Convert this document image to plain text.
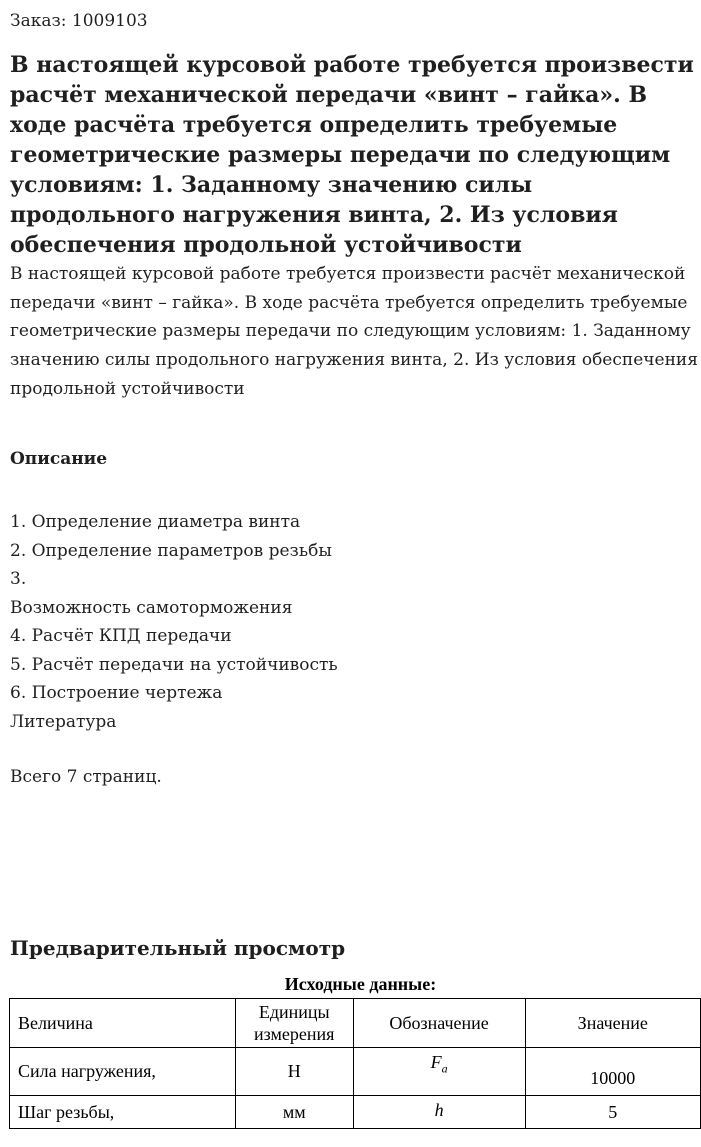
Заказ: 1009103
В настоящей курсовой работе требуется произвести расчёт механической передачи «винт – гайка». В ходе расчёта требуется определить требуемые геометрические размеры передачи по следующим условиям: 1. Заданному значению силы продольного нагружения винта, 2. Из условия обеспечения продольной устойчивости

В настоящей курсовой работе требуется произвести расчёт механической передачи «винт – гайка». В ходе расчёта требуется определить требуемые геометрические размеры передачи по следующим условиям: 1. Заданному значению силы продольного нагружения винта, 2. Из условия обеспечения продольной устойчивости

Описание
1. Определение диаметра винта
2. Определение параметров резьбы
3.
Возможность самоторможения
4. Расчёт КПД передачи
5. Расчёт передачи на устойчивость
6. Построение чертежа
Литература
Всего 7 страниц.
Предварительный просмотр
Исходные данные:
Величина	Единицы измерения	Обозначение	Значение
Сила нагружения,	Н	$F_a$	10000
Шаг резьбы,	мм	h	5
